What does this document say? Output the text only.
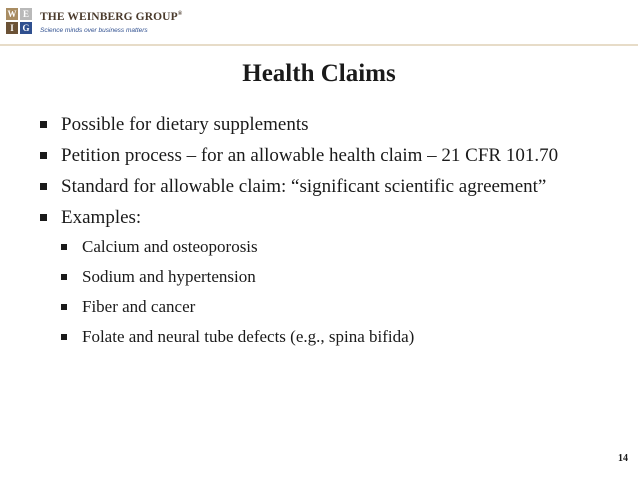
W E
I G
THE WEINBERG GROUP®
Science minds over business matters
Health Claims
Possible for dietary supplements
Petition process – for an allowable health claim – 21 CFR 101.70
Standard for allowable claim: “significant scientific agreement”
Examples:
Calcium and osteoporosis
Sodium and hypertension
Fiber and cancer
Folate and neural tube defects (e.g., spina bifida)
14
